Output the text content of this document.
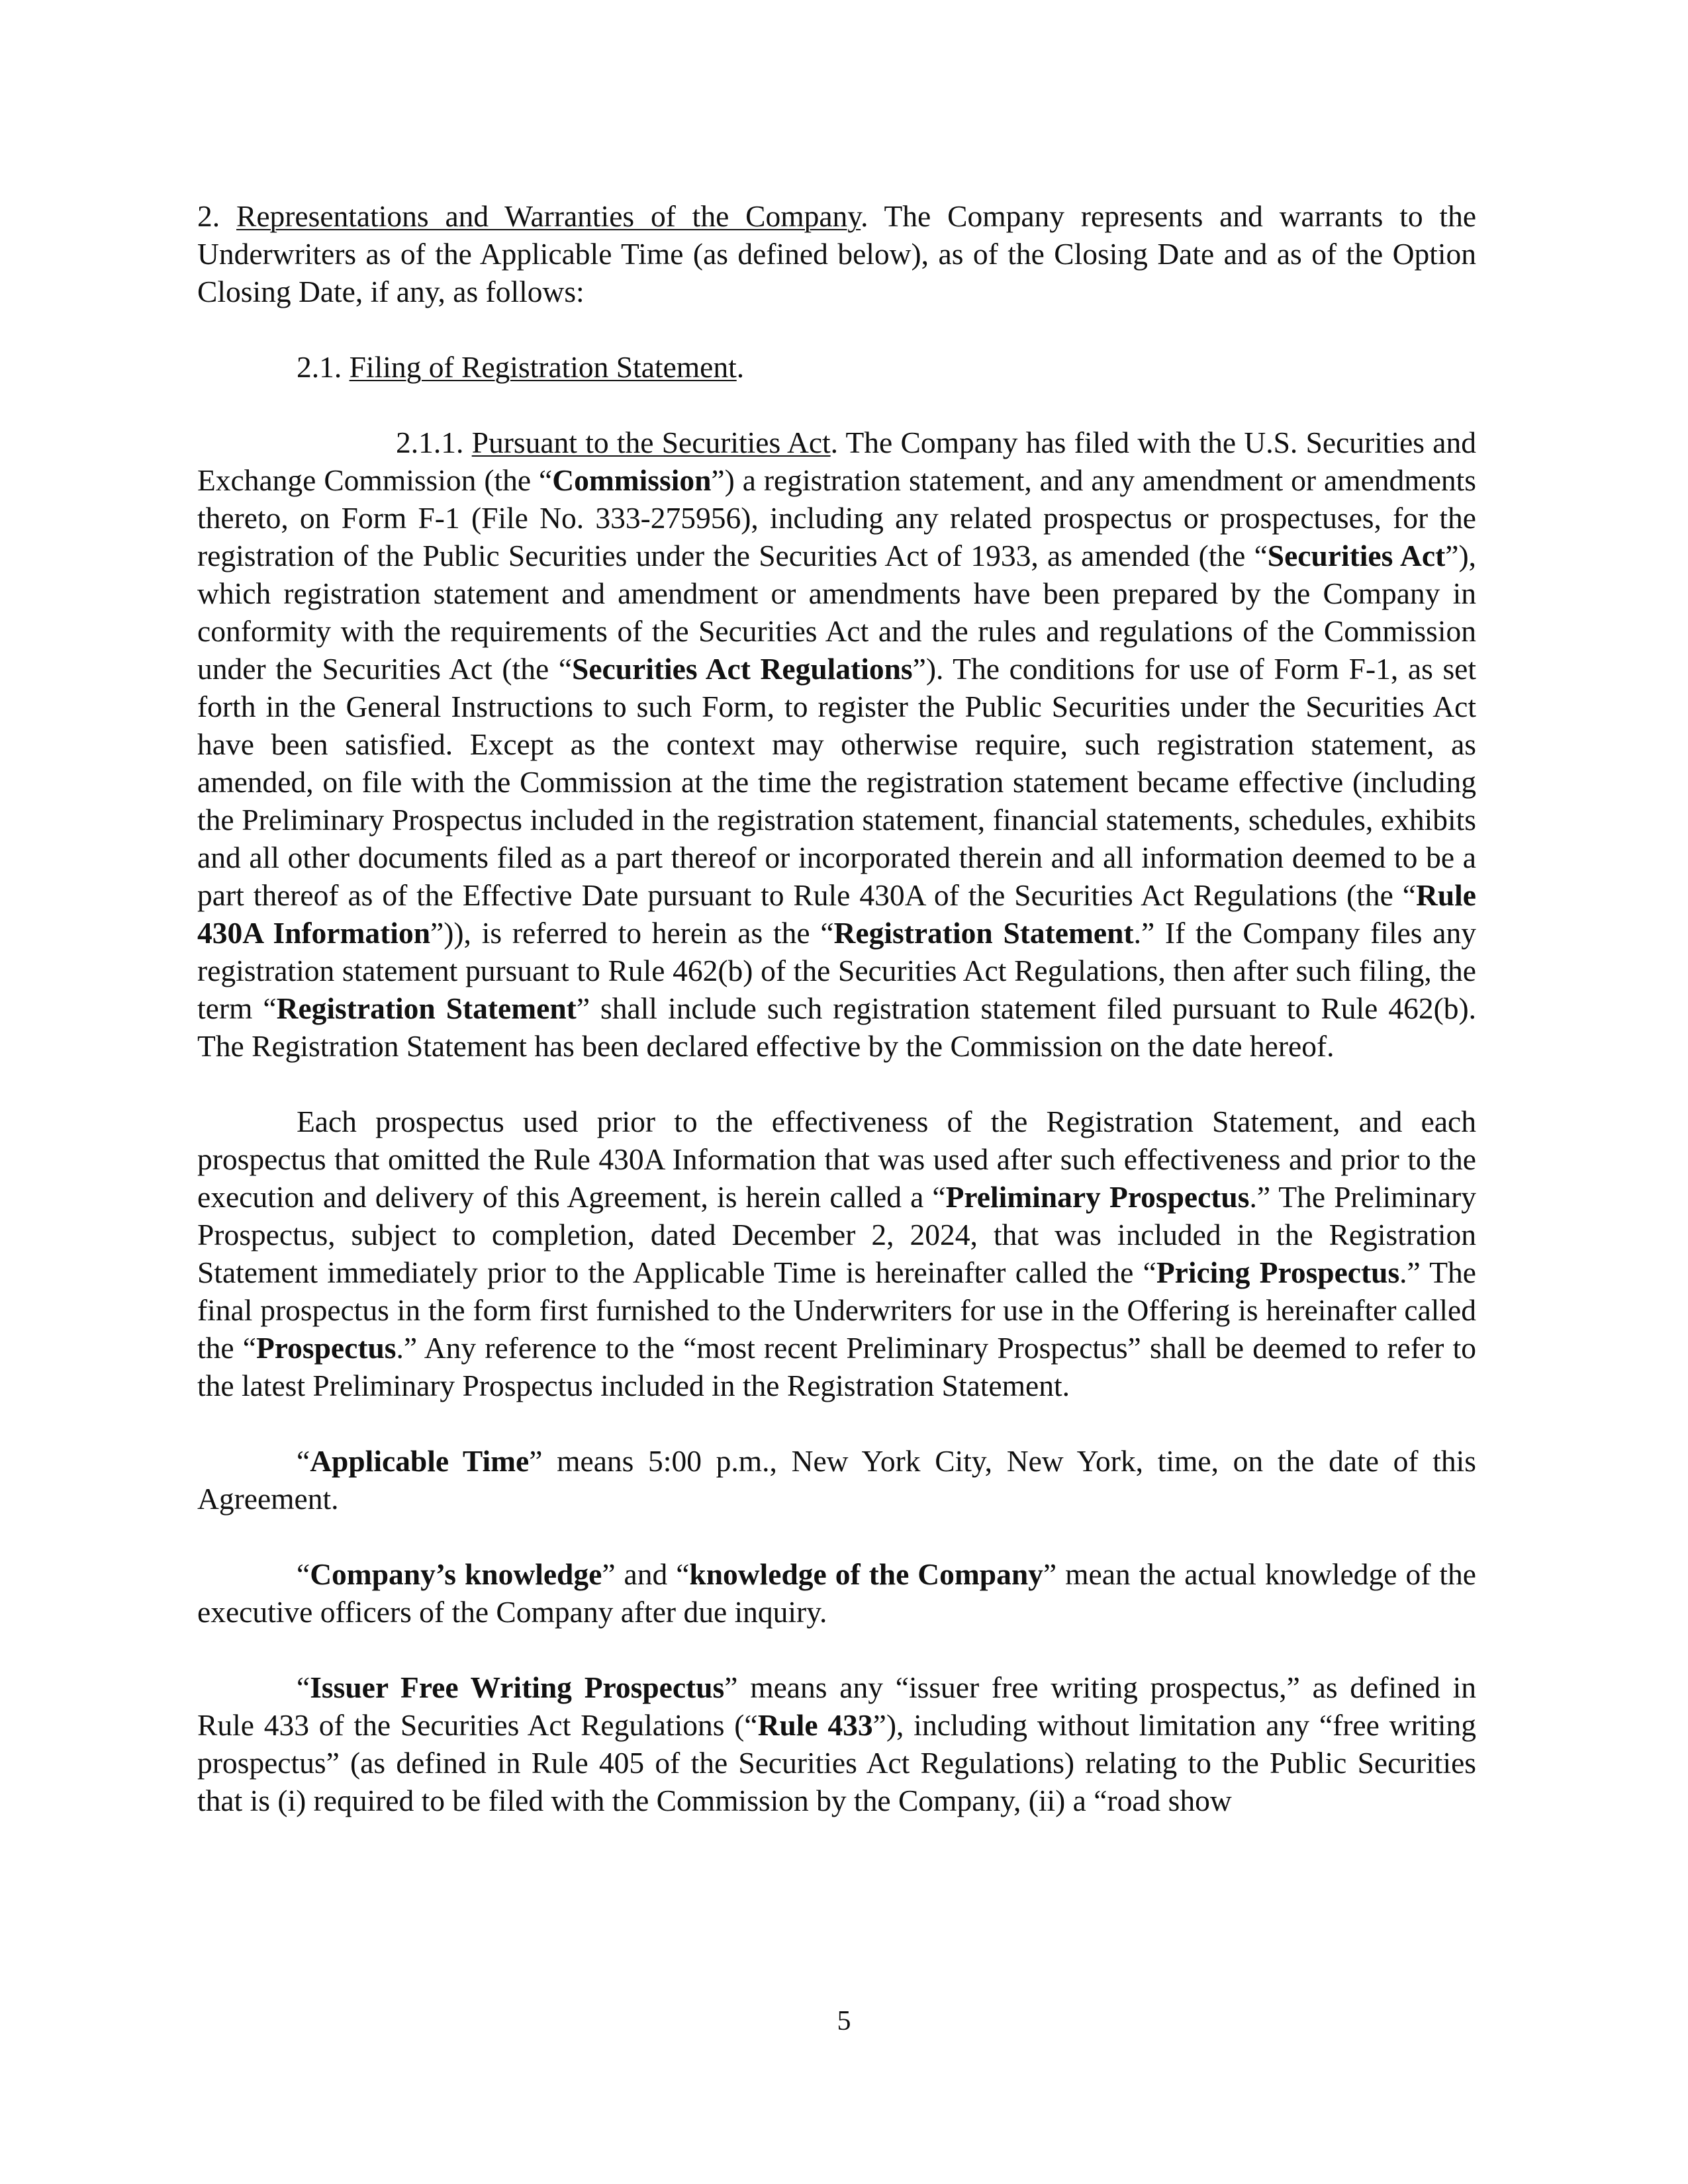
2. Representations and Warranties of the Company. The Company represents and warrants to the Underwriters as of the Applicable Time (as defined below), as of the Closing Date and as of the Option Closing Date, if any, as follows:

2.1. Filing of Registration Statement.

2.1.1. Pursuant to the Securities Act. The Company has filed with the U.S. Securities and Exchange Commission (the “Commission”) a registration statement, and any amendment or amendments thereto, on Form F-1 (File No. 333-275956), including any related prospectus or prospectuses, for the registration of the Public Securities under the Securities Act of 1933, as amended (the “Securities Act”), which registration statement and amendment or amendments have been prepared by the Company in conformity with the requirements of the Securities Act and the rules and regulations of the Commission under the Securities Act (the “Securities Act Regulations”). The conditions for use of Form F-1, as set forth in the General Instructions to such Form, to register the Public Securities under the Securities Act have been satisfied. Except as the context may otherwise require, such registration statement, as amended, on file with the Commission at the time the registration statement became effective (including the Preliminary Prospectus included in the registration statement, financial statements, schedules, exhibits and all other documents filed as a part thereof or incorporated therein and all information deemed to be a part thereof as of the Effective Date pursuant to Rule 430A of the Securities Act Regulations (the “Rule 430A Information”)), is referred to herein as the “Registration Statement.” If the Company files any registration statement pursuant to Rule 462(b) of the Securities Act Regulations, then after such filing, the term “Registration Statement” shall include such registration statement filed pursuant to Rule 462(b). The Registration Statement has been declared effective by the Commission on the date hereof.

Each prospectus used prior to the effectiveness of the Registration Statement, and each prospectus that omitted the Rule 430A Information that was used after such effectiveness and prior to the execution and delivery of this Agreement, is herein called a “Preliminary Prospectus.” The Preliminary Prospectus, subject to completion, dated December 2, 2024, that was included in the Registration Statement immediately prior to the Applicable Time is hereinafter called the “Pricing Prospectus.” The final prospectus in the form first furnished to the Underwriters for use in the Offering is hereinafter called the “Prospectus.” Any reference to the “most recent Preliminary Prospectus” shall be deemed to refer to the latest Preliminary Prospectus included in the Registration Statement.

“Applicable Time” means 5:00 p.m., New York City, New York, time, on the date of this Agreement.

“Company’s knowledge” and “knowledge of the Company” mean the actual knowledge of the executive officers of the Company after due inquiry.

“Issuer Free Writing Prospectus” means any “issuer free writing prospectus,” as defined in Rule 433 of the Securities Act Regulations (“Rule 433”), including without limitation any “free writing prospectus” (as defined in Rule 405 of the Securities Act Regulations) relating to the Public Securities that is (i) required to be filed with the Commission by the Company, (ii) a “road show

5
